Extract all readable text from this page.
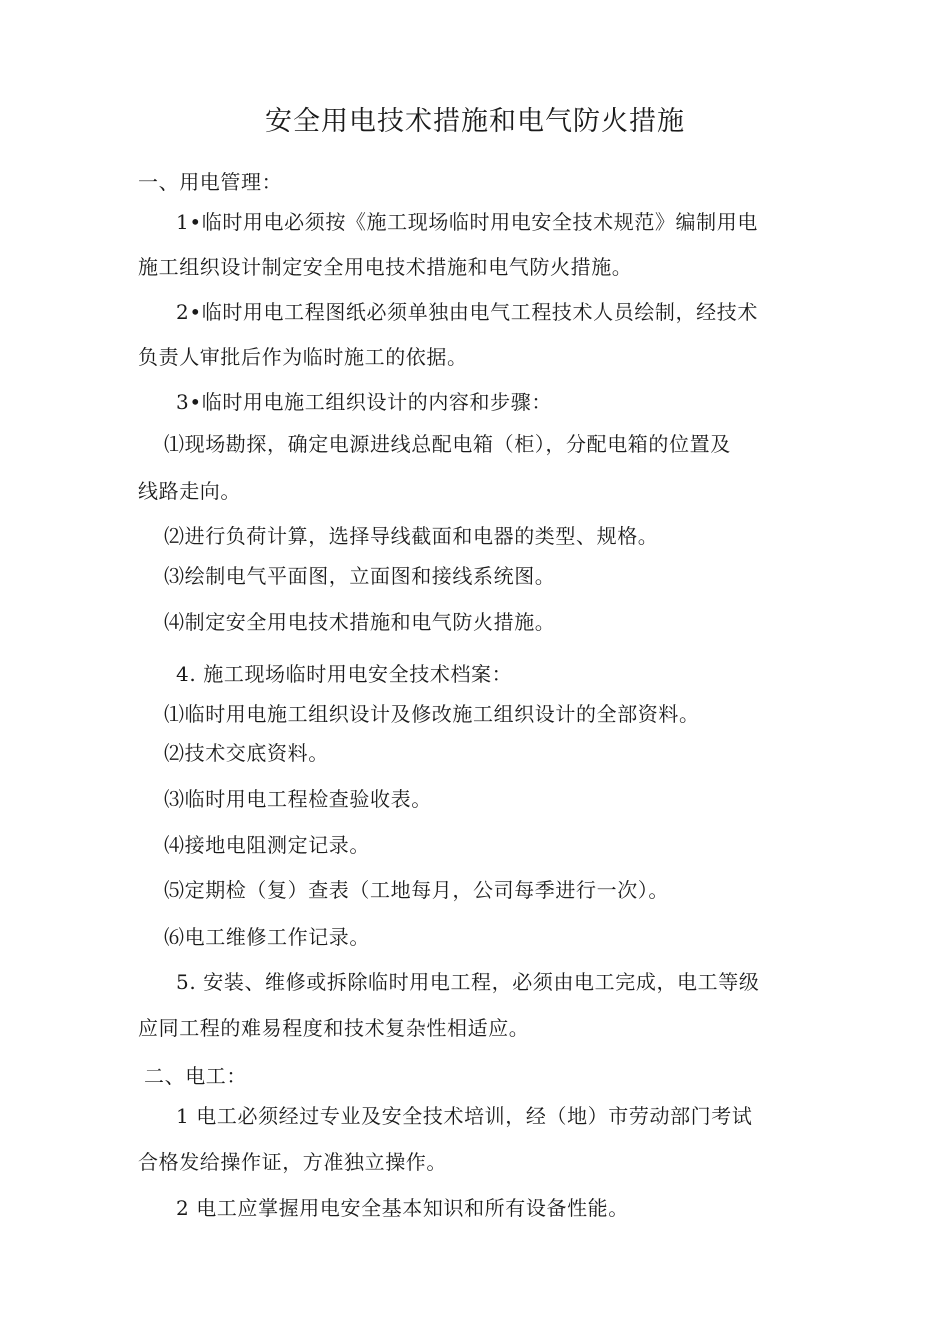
安全用电技术措施和电气防火措施
一、用电管理：
1•临时用电必须按《施工现场临时用电安全技术规范》编制用电
施工组织设计制定安全用电技术措施和电气防火措施。
2•临时用电工程图纸必须单独由电气工程技术人员绘制，经技术
负责人审批后作为临时施工的依据。
3•临时用电施工组织设计的内容和步骤：
⑴现场勘探，确定电源进线总配电箱（柜），分配电箱的位置及
线路走向。
⑵进行负荷计算，选择导线截面和电器的类型、规格。
⑶绘制电气平面图，立面图和接线系统图。
⑷制定安全用电技术措施和电气防火措施。
4. 施工现场临时用电安全技术档案：
⑴临时用电施工组织设计及修改施工组织设计的全部资料。
⑵技术交底资料。
⑶临时用电工程检查验收表。
⑷接地电阻测定记录。
⑸定期检（复）查表（工地每月，公司每季进行一次）。
⑹电工维修工作记录。
5. 安装、维修或拆除临时用电工程，必须由电工完成，电工等级
应同工程的难易程度和技术复杂性相适应。
二、电工：
1 电工必须经过专业及安全技术培训，经（地）市劳动部门考试
合格发给操作证，方准独立操作。
2 电工应掌握用电安全基本知识和所有设备性能。
